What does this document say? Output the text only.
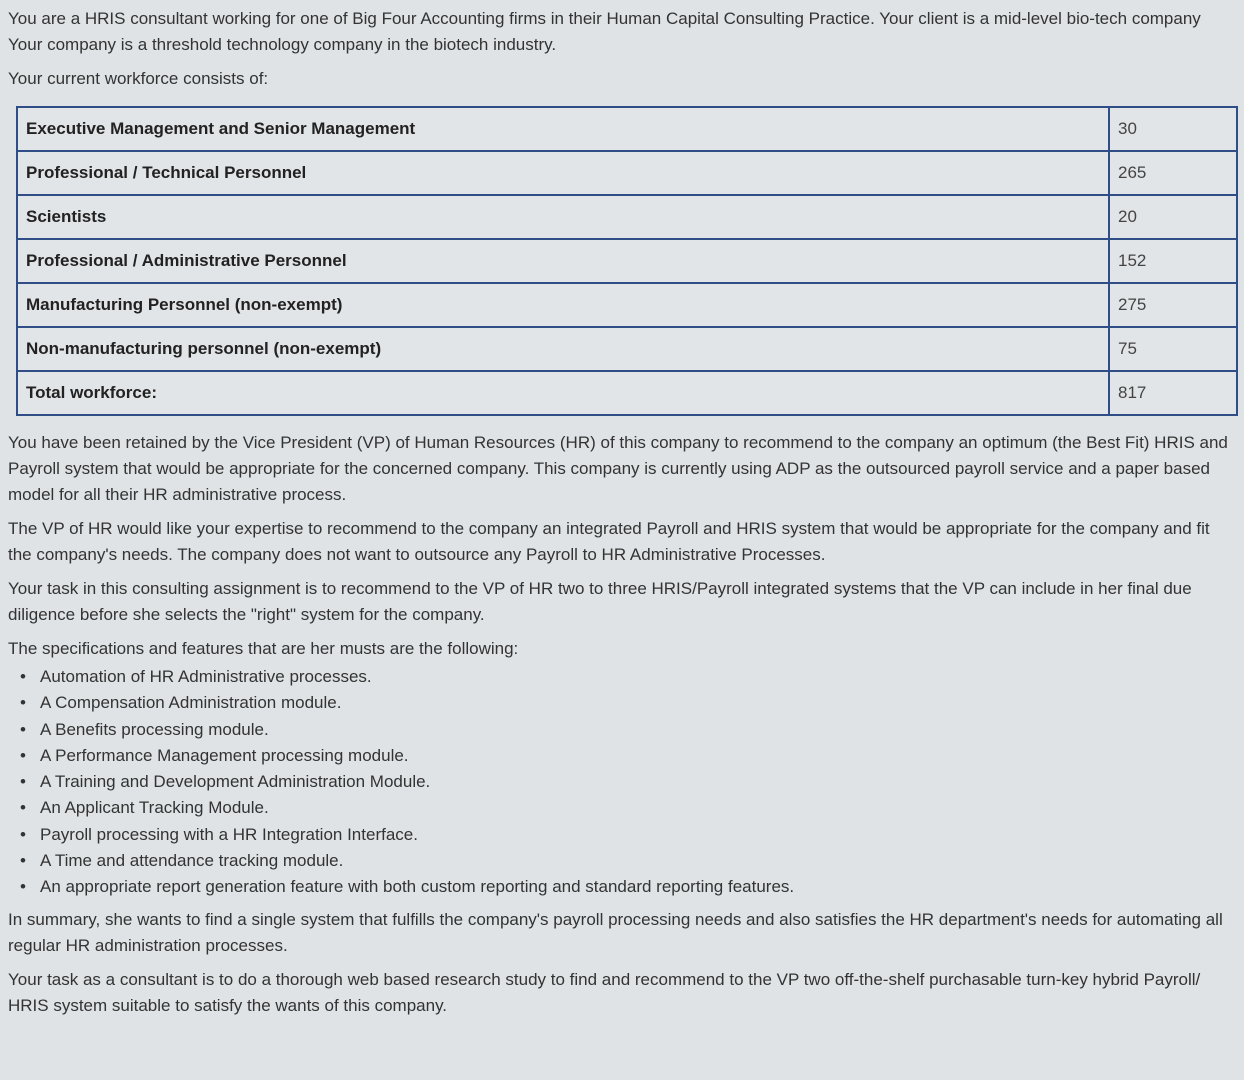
You are a HRIS consultant working for one of Big Four Accounting firms in their Human Capital Consulting Practice. Your client is a mid-level bio-tech company

Your company is a threshold technology company in the biotech industry.

Your current workforce consists of:

Executive Management and Senior Management	30
Professional / Technical Personnel	265
Scientists	20
Professional / Administrative Personnel	152
Manufacturing Personnel (non-exempt)	275
Non-manufacturing personnel (non-exempt)	75
Total workforce:	817

You have been retained by the Vice President (VP) of Human Resources (HR) of this company to recommend to the company an optimum (the Best Fit) HRIS and Payroll system that would be appropriate for the concerned company. This company is currently using ADP as the outsourced payroll service and a paper based model for all their HR administrative process.

The VP of HR would like your expertise to recommend to the company an integrated Payroll and HRIS system that would be appropriate for the company and fit the company's needs. The company does not want to outsource any Payroll to HR Administrative Processes.

Your task in this consulting assignment is to recommend to the VP of HR two to three HRIS/Payroll integrated systems that the VP can include in her final due diligence before she selects the "right" system for the company.

The specifications and features that are her musts are the following:

• Automation of HR Administrative processes.
• A Compensation Administration module.
• A Benefits processing module.
• A Performance Management processing module.
• A Training and Development Administration Module.
• An Applicant Tracking Module.
• Payroll processing with a HR Integration Interface.
• A Time and attendance tracking module.
• An appropriate report generation feature with both custom reporting and standard reporting features.

In summary, she wants to find a single system that fulfills the company's payroll processing needs and also satisfies the HR department's needs for automating all regular HR administration processes.

Your task as a consultant is to do a thorough web based research study to find and recommend to the VP two off-the-shelf purchasable turn-key hybrid Payroll/ HRIS system suitable to satisfy the wants of this company.
